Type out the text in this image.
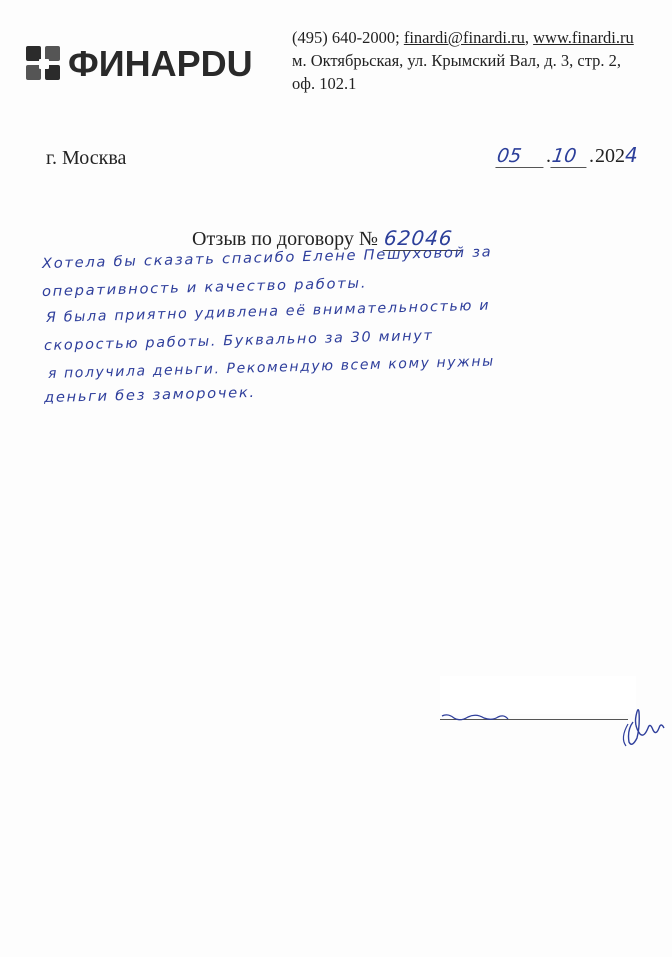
ФИНАРDU
(495) 640-2000; finardi@finardi.ru, www.finardi.ru
м. Октябрьская, ул. Крымский Вал, д. 3, стр. 2,
оф. 102.1
г. Москва	05	. 10 . 202 4
Отзыв по договору № 62046
Хотела бы сказать спасибо Елене Пешуховой за
оперативность и качество работы.
Я была приятно удивлена её внимательностью и
скоростью работы. Буквально за 30 минут
я получила деньги. Рекомендую всем кому нужны
деньги без заморочек.
